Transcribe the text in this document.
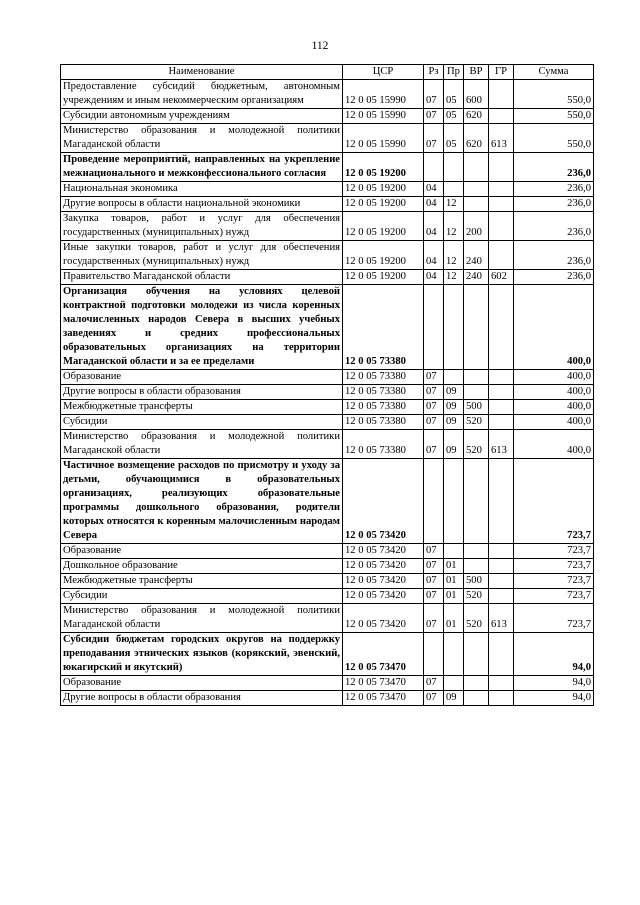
112
Наименование	ЦСР	Рз	Пр	ВР	ГР	Сумма
Предоставление субсидий бюджетным, автономным учреждениям и иным некоммерческим организациям	12 0 05 15990	07	05	600		550,0
Субсидии автономным учреждениям	12 0 05 15990	07	05	620		550,0
Министерство образования и молодежной политики Магаданской области	12 0 05 15990	07	05	620	613	550,0
Проведение мероприятий, направленных на укрепление межнационального и межконфессионального согласия	12 0 05 19200					236,0
Национальная экономика	12 0 05 19200	04				236,0
Другие вопросы в области национальной экономики	12 0 05 19200	04	12			236,0
Закупка товаров, работ и услуг для обеспечения государственных (муниципальных) нужд	12 0 05 19200	04	12	200		236,0
Иные закупки товаров, работ и услуг для обеспечения государственных (муниципальных) нужд	12 0 05 19200	04	12	240		236,0
Правительство Магаданской области	12 0 05 19200	04	12	240	602	236,0
Организация обучения на условиях целевой контрактной подготовки молодежи из числа коренных малочисленных народов Севера в высших учебных заведениях и средних профессиональных образовательных организациях на территории Магаданской области и за ее пределами	12 0 05 73380					400,0
Образование	12 0 05 73380	07				400,0
Другие вопросы в области образования	12 0 05 73380	07	09			400,0
Межбюджетные трансферты	12 0 05 73380	07	09	500		400,0
Субсидии	12 0 05 73380	07	09	520		400,0
Министерство образования и молодежной политики Магаданской области	12 0 05 73380	07	09	520	613	400,0
Частичное возмещение расходов по присмотру и уходу за детьми, обучающимися в образовательных организациях, реализующих образовательные программы дошкольного образования, родители которых относятся к коренным малочисленным народам Севера	12 0 05 73420					723,7
Образование	12 0 05 73420	07				723,7
Дошкольное образование	12 0 05 73420	07	01			723,7
Межбюджетные трансферты	12 0 05 73420	07	01	500		723,7
Субсидии	12 0 05 73420	07	01	520		723,7
Министерство образования и молодежной политики Магаданской области	12 0 05 73420	07	01	520	613	723,7
Субсидии бюджетам городских округов на поддержку преподавания этнических языков (корякский, эвенский, юкагирский и якутский)	12 0 05 73470					94,0
Образование	12 0 05 73470	07				94,0
Другие вопросы в области образования	12 0 05 73470	07	09			94,0
